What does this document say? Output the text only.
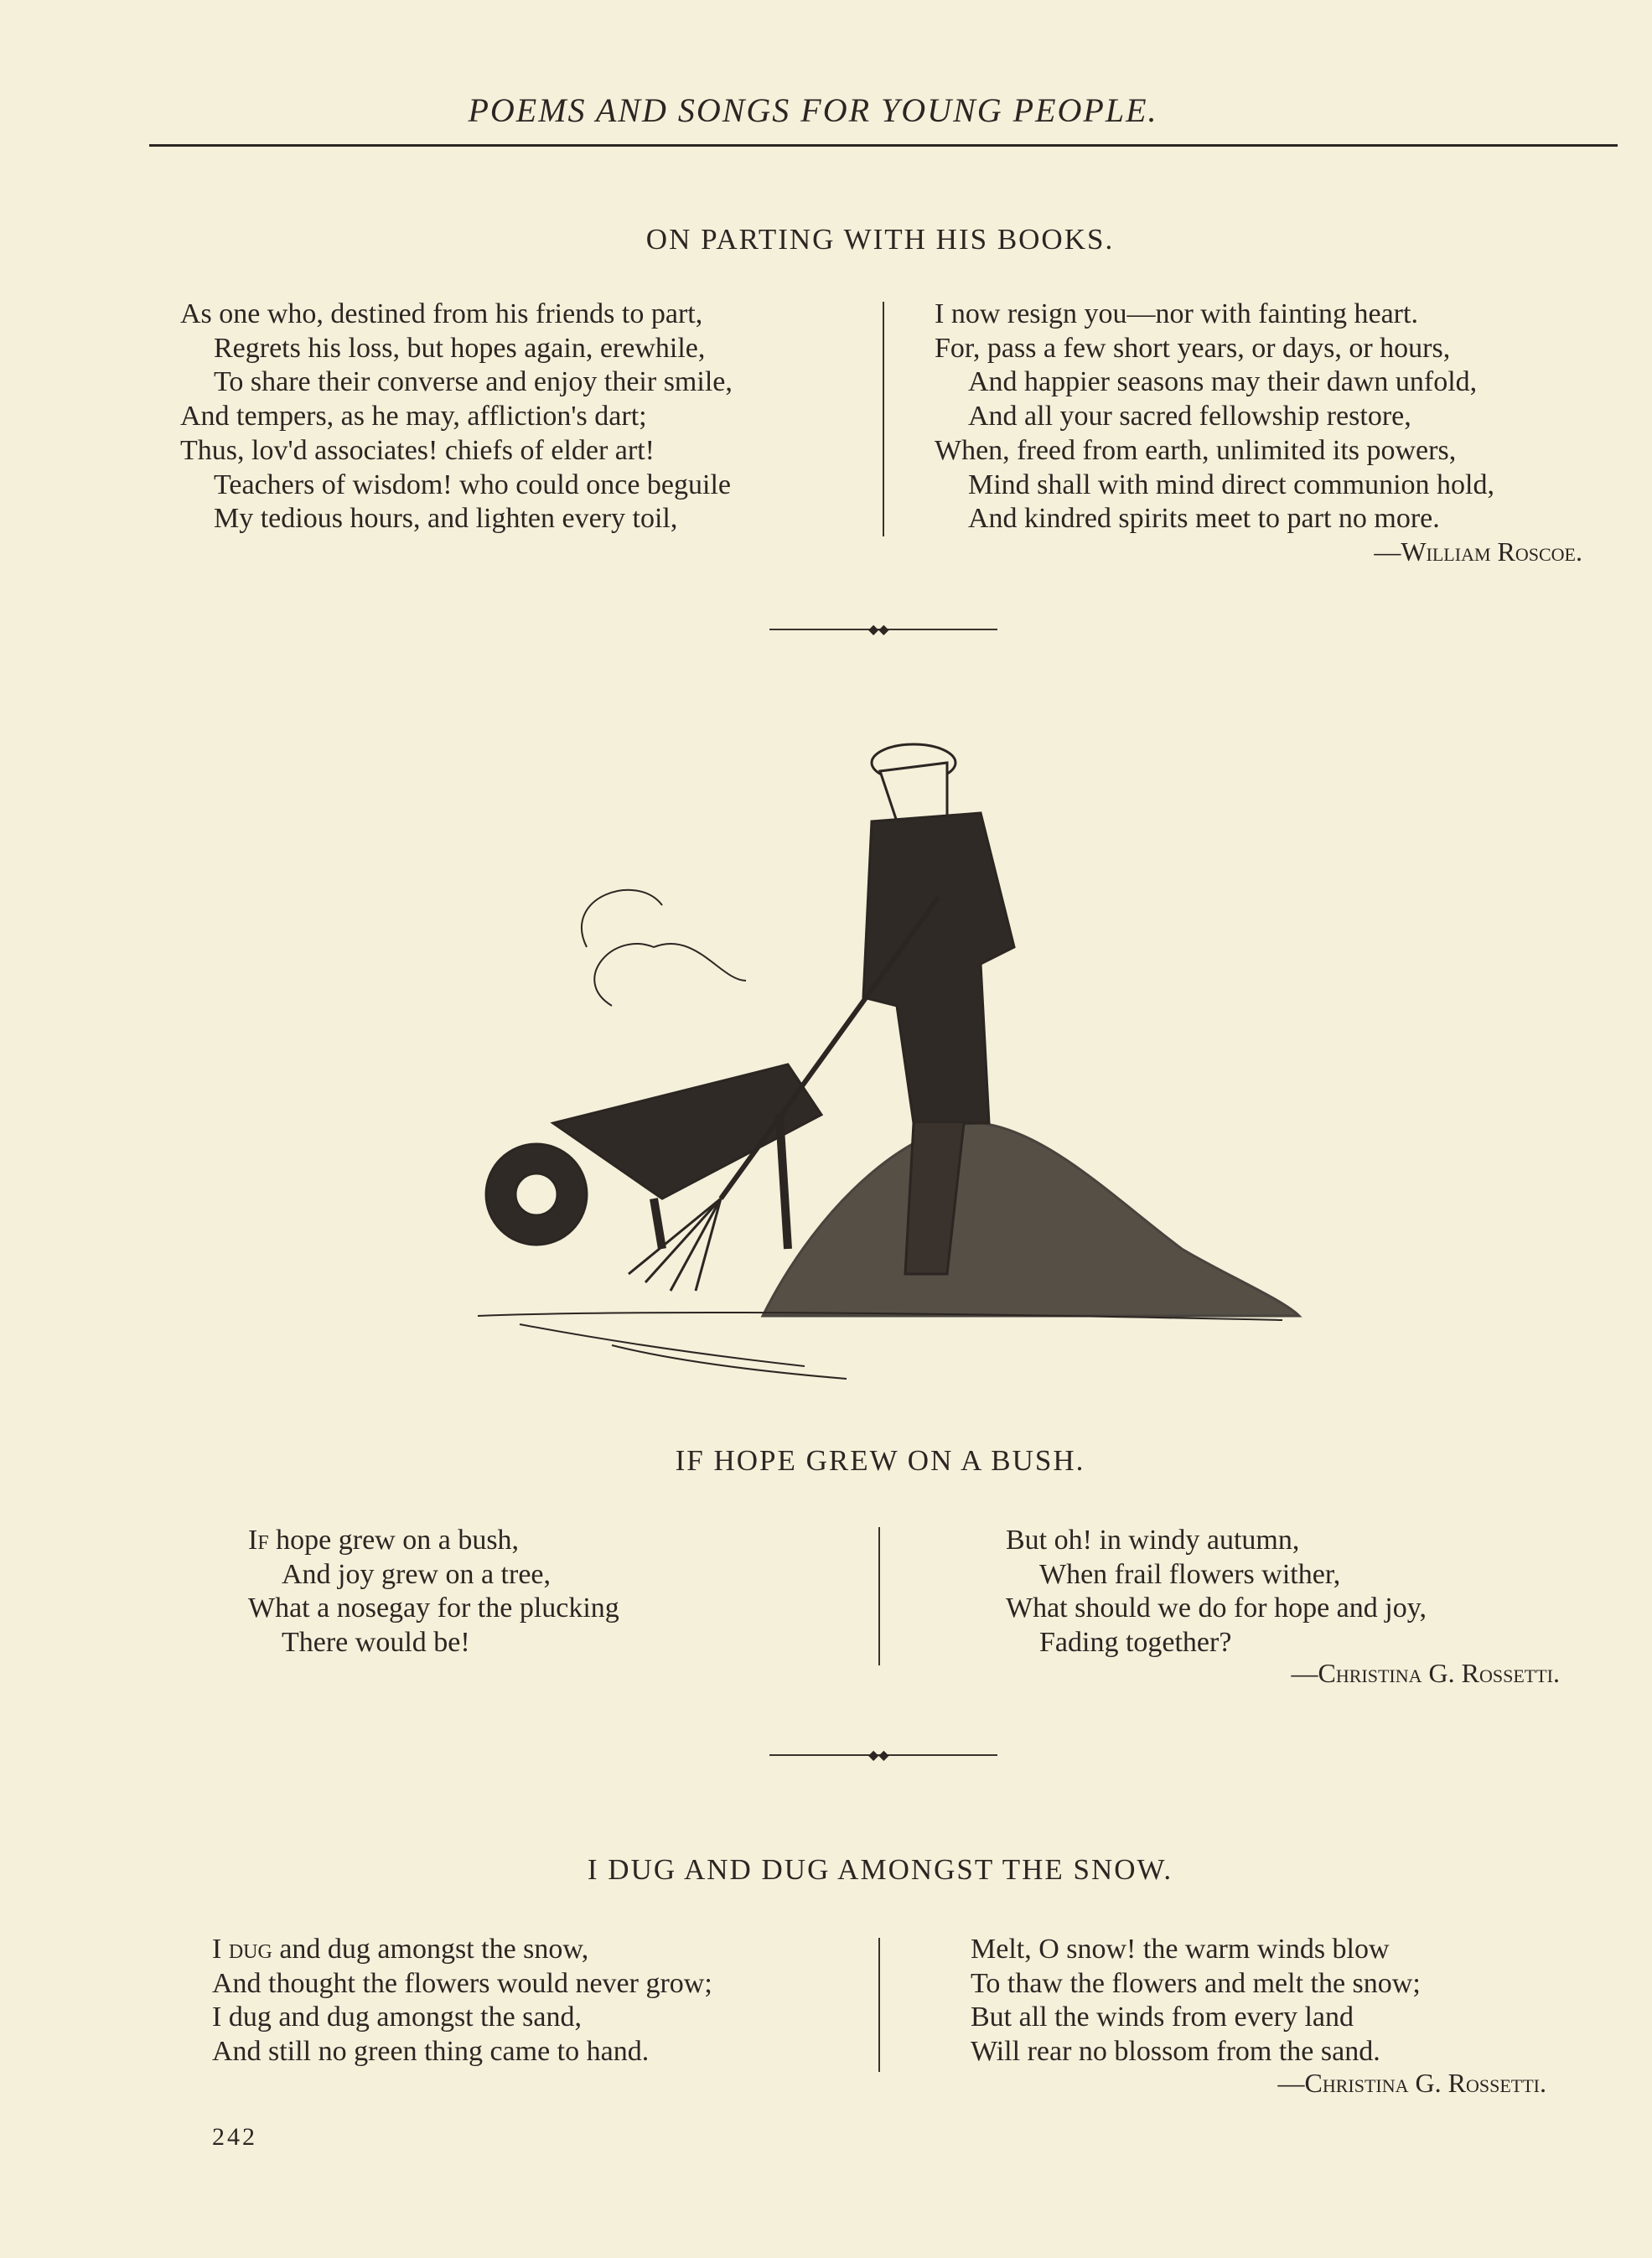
POEMS AND SONGS FOR YOUNG PEOPLE.
ON PARTING WITH HIS BOOKS.
As one who, destined from his friends to part,
Regrets his loss, but hopes again, erewhile,
To share their converse and enjoy their smile,
And tempers, as he may, affliction's dart;
Thus, lov'd associates! chiefs of elder art!
Teachers of wisdom! who could once beguile
My tedious hours, and lighten every toil,
I now resign you—nor with fainting heart.
For, pass a few short years, or days, or hours,
And happier seasons may their dawn unfold,
And all your sacred fellowship restore,
When, freed from earth, unlimited its powers,
Mind shall with mind direct communion hold,
And kindred spirits meet to part no more.
—William Roscoe.
◆◆
IF HOPE GREW ON A BUSH.
If hope grew on a bush,
And joy grew on a tree,
What a nosegay for the plucking
There would be!
But oh! in windy autumn,
When frail flowers wither,
What should we do for hope and joy,
Fading together?
—Christina G. Rossetti.
◆◆
I DUG AND DUG AMONGST THE SNOW.
I dug and dug amongst the snow,
And thought the flowers would never grow;
I dug and dug amongst the sand,
And still no green thing came to hand.
Melt, O snow! the warm winds blow
To thaw the flowers and melt the snow;
But all the winds from every land
Will rear no blossom from the sand.
—Christina G. Rossetti.
242
